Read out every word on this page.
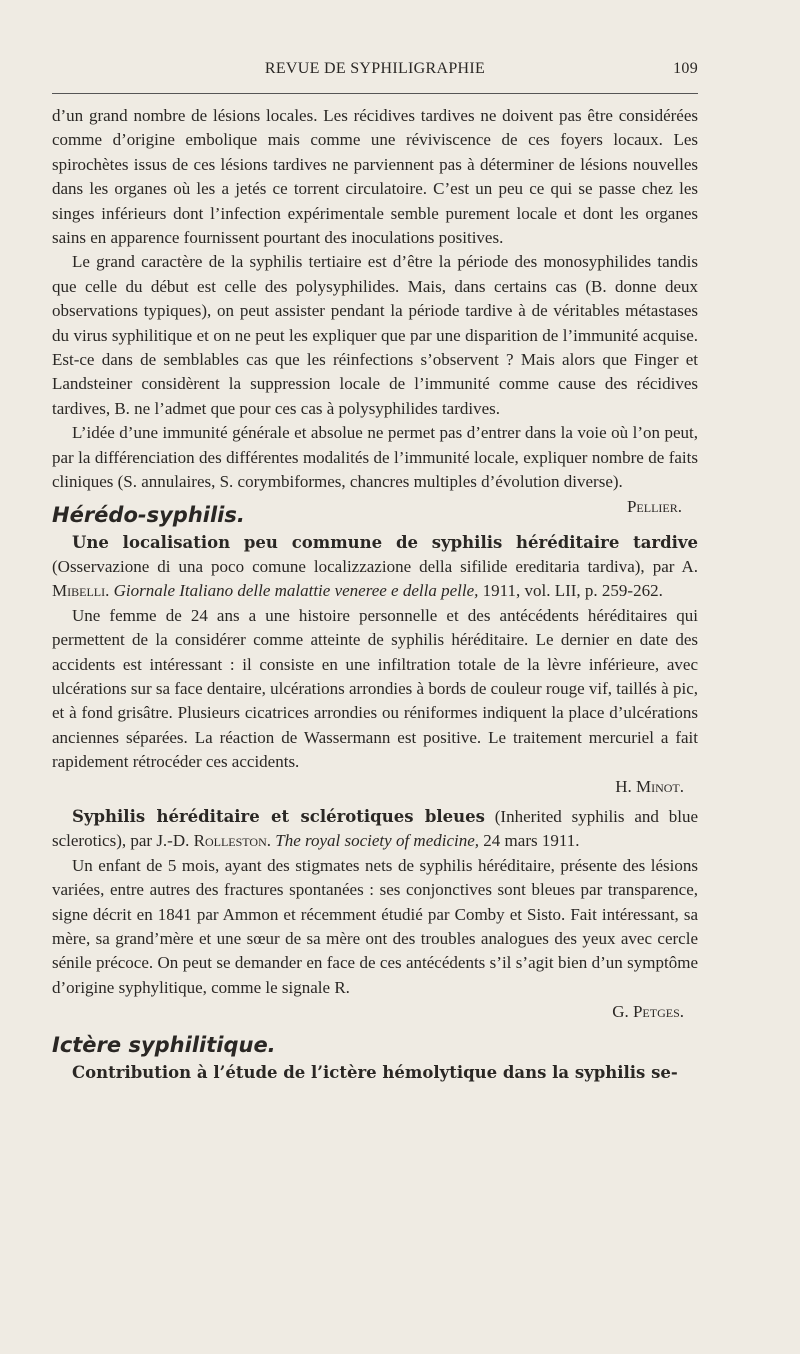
REVUE DE SYPHILIGRAPHIE	109

d’un grand nombre de lésions locales. Les récidives tardives ne doivent pas être considérées comme d’origine embolique mais comme une réviviscence de ces foyers locaux. Les spirochètes issus de ces lésions tardives ne parviennent pas à déterminer de lésions nouvelles dans les organes où les a jetés ce torrent circulatoire. C’est un peu ce qui se passe chez les singes inférieurs dont l’infection expérimentale semble purement locale et dont les organes sains en apparence fournissent pourtant des inoculations positives.

Le grand caractère de la syphilis tertiaire est d’être la période des monosyphilides tandis que celle du début est celle des polysyphilides. Mais, dans certains cas (B. donne deux observations typiques), on peut assister pendant la période tardive à de véritables métastases du virus syphilitique et on ne peut les expliquer que par une disparition de l’immunité acquise. Est-ce dans de semblables cas que les réinfections s’observent ? Mais alors que Finger et Landsteiner considèrent la suppression locale de l’immunité comme cause des récidives tardives, B. ne l’admet que pour ces cas à polysyphilides tardives.

L’idée d’une immunité générale et absolue ne permet pas d’entrer dans la voie où l’on peut, par la différenciation des différentes modalités de l’immunité locale, expliquer nombre de faits cliniques (S. annulaires, S. corymbiformes, chancres multiples d’évolution diverse).
Pellier.

Hérédo-syphilis.

Une localisation peu commune de syphilis héréditaire tardive (Osservazione di una poco comune localizzazione della sifilide ereditaria tardiva), par A. Mibelli. Giornale Italiano delle malattie veneree e della pelle, 1911, vol. LII, p. 259-262.

Une femme de 24 ans a une histoire personnelle et des antécédents héréditaires qui permettent de la considérer comme atteinte de syphilis héréditaire. Le dernier en date des accidents est intéressant : il consiste en une infiltration totale de la lèvre inférieure, avec ulcérations sur sa face dentaire, ulcérations arrondies à bords de couleur rouge vif, taillés à pic, et à fond grisâtre. Plusieurs cicatrices arrondies ou réniformes indiquent la place d’ulcérations anciennes séparées. La réaction de Wassermann est positive. Le traitement mercuriel a fait rapidement rétrocéder ces accidents.

H. Minot.

Syphilis héréditaire et sclérotiques bleues (Inherited syphilis and blue sclerotics), par J.-D. Rolleston. The royal society of medicine, 24 mars 1911.

Un enfant de 5 mois, ayant des stigmates nets de syphilis héréditaire, présente des lésions variées, entre autres des fractures spontanées : ses conjonctives sont bleues par transparence, signe décrit en 1841 par Ammon et récemment étudié par Comby et Sisto. Fait intéressant, sa mère, sa grand’mère et une sœur de sa mère ont des troubles analogues des yeux avec cercle sénile précoce. On peut se demander en face de ces antécédents s’il s’agit bien d’un symptôme d’origine syphylitique, comme le signale R.

G. Petges.

Ictère syphilitique.

Contribution à l’étude de l’ictère hémolytique dans la syphilis se-
